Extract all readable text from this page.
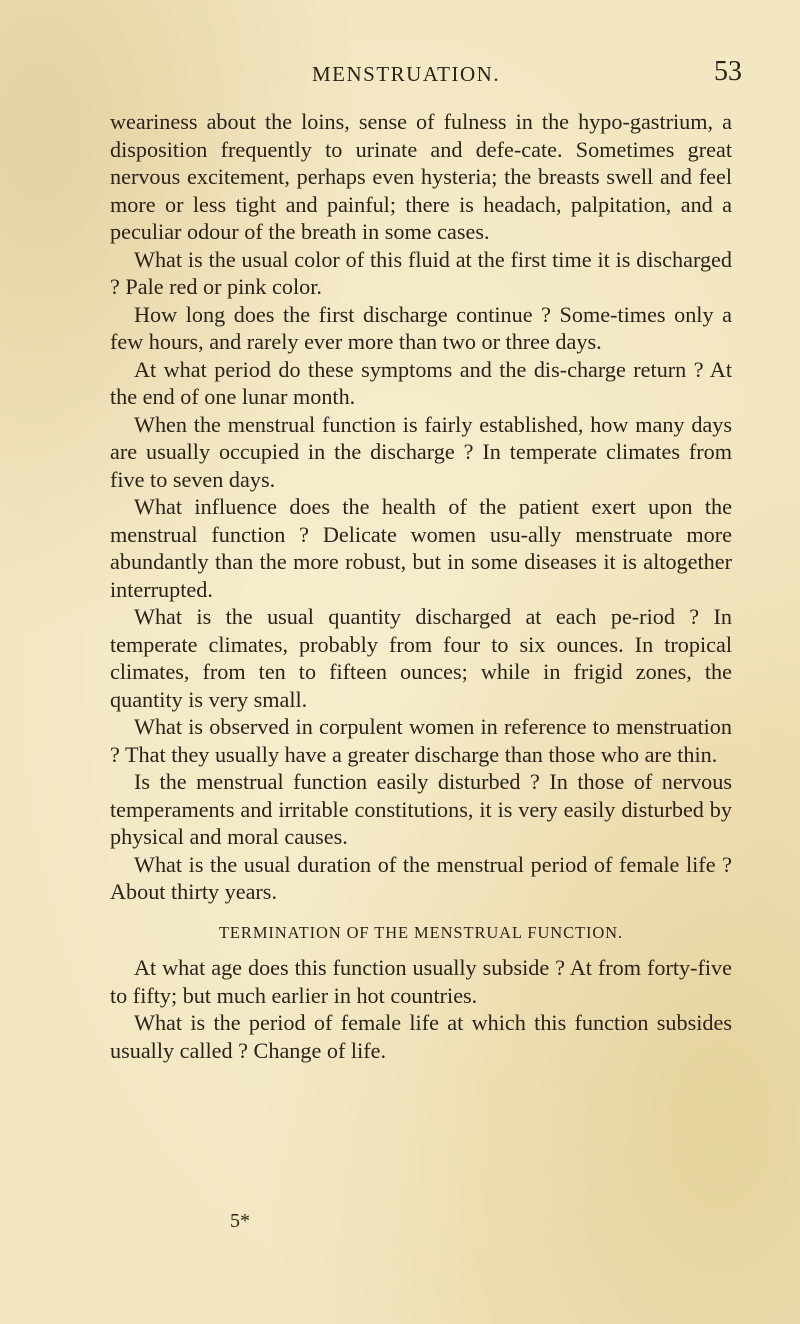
MENSTRUATION.	53

weariness about the loins, sense of fulness in the hypo-gastrium, a disposition frequently to urinate and defe-cate. Sometimes great nervous excitement, perhaps even hysteria; the breasts swell and feel more or less tight and painful; there is headach, palpitation, and a peculiar odour of the breath in some cases.

What is the usual color of this fluid at the first time it is discharged ? Pale red or pink color.

How long does the first discharge continue ? Some-times only a few hours, and rarely ever more than two or three days.

At what period do these symptoms and the dis-charge return ? At the end of one lunar month.

When the menstrual function is fairly established, how many days are usually occupied in the discharge ? In temperate climates from five to seven days.

What influence does the health of the patient exert upon the menstrual function ? Delicate women usu-ally menstruate more abundantly than the more robust, but in some diseases it is altogether interrupted.

What is the usual quantity discharged at each pe-riod ? In temperate climates, probably from four to six ounces. In tropical climates, from ten to fifteen ounces; while in frigid zones, the quantity is very small.

What is observed in corpulent women in reference to menstruation ? That they usually have a greater discharge than those who are thin.

Is the menstrual function easily disturbed ? In those of nervous temperaments and irritable constitutions, it is very easily disturbed by physical and moral causes.

What is the usual duration of the menstrual period of female life ? About thirty years.

TERMINATION OF THE MENSTRUAL FUNCTION.

At what age does this function usually subside ? At from forty-five to fifty; but much earlier in hot countries.

What is the period of female life at which this function subsides usually called ? Change of life.

5*
